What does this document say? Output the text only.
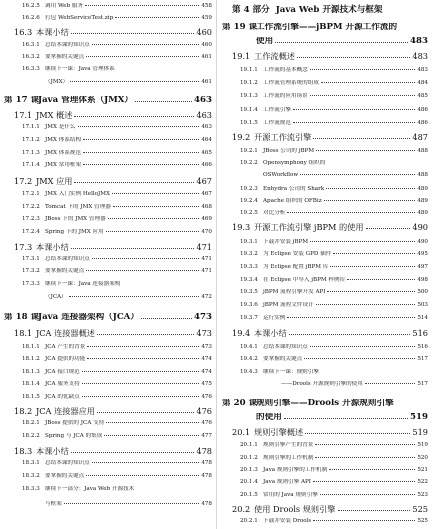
16.2.5 调用 Web 服务	458
16.2.6 打包 WebServiceTest.zip	459
16.3 本课小结	460
16.3.1 总结本课的知识点	460
16.3.2 要掌握的关键点	461
16.3.3 继续下一课：Java 管理体系
（JMX）	461
第 17 课
Java 管理体系（JMX）	463
17.1 JMX 概述	463
17.1.1 JMX 是什么	463
17.1.2 JMX 体系结构	464
17.1.3 JMX 体系规范	465
17.1.4 JMX 常用框架	466
17.2 JMX 应用	467
17.2.1 JMX 入门实例 HelloJMX	467
17.2.2 Tomcat 下的 JMX 管理器	468
17.2.3 JBoss 下的 JMX 管理器	469
17.2.4 Spring 下的 JMX 应用	470
17.3 本课小结	471
17.3.1 总结本课的知识点	471
17.3.2 要掌握的关键点	471
17.3.3 继续下一课：Java 连接器架构
（JCA）	472
第 18 课
Java 连接器架构（JCA）	473
18.1 JCA 连接器概述	473
18.1.1 JCA 产生的背景	473
18.1.2 JCA 提供的功能	474
18.1.3 JCA 接口规范	474
18.1.4 JCA 服务支持	475
18.1.5 JCA 的优缺点	476
18.2 JCA 连接器应用	476
18.2.1 JBoss 提供的 JCA 支持	476
18.2.2 Spring 与 JCA 的集成	477
18.3 本课小结	478
18.3.1 总结本课的知识点	478
18.3.2 要掌握的关键点	478
18.3.3 继续下一部分：Java Web 开源技术
与框架	478
第 4 部分 Java Web 开源技术与框架
第 19 课
工作流引擎——jBPM 开源工作流的
使用	483
19.1 工作流概述	483
19.1.1 工作流的基本概念	483
19.1.2 工作流管理系统的组成	484
19.1.3 工作流的应用场景	485
19.1.4 工作流引擎	486
19.1.5 工作流规范	486
19.2 开源工作流引擎	487
19.2.1 JBoss 公司的 jBPM	488
19.2.2 Opensymphony 组织的
OSWorkflow	488
19.2.3 Enhydra 公司的 Shark	489
19.2.4 Apache 组织的 OFBiz	489
19.2.5 对比分析	489
19.3 开源工作流引擎 jBPM 的使用	490
19.3.1 下载并安装 jBPM	490
19.3.2 为 Eclipse 安装 GPD 插件	495
19.3.3 为 Eclipse 配置 jBPM 库	497
19.3.4 在 Eclipse 中导入 jBPM 样例库	498
19.3.5 jBPM 流程引擎开发 API	500
19.3.6 jBPM 流程文件设计	503
19.3.7 运行实例	514
19.4 本课小结	516
19.4.1 总结本课的知识点	516
19.4.2 要掌握的关键点	517
19.4.3 继续下一课：规则引擎
——Drools 开源规则引擎的使用	517
第 20 课
规则引擎——Drools 开源规则引擎
的使用	519
20.1 规则引擎概述	519
20.1.1 规则引擎产生的背景	519
20.1.2 规则引擎的工作机制	520
20.1.3 Java 规则引擎的工作机制	521
20.1.4 Java 规则引擎 API	522
20.1.5 常用的 Java 规则引擎	523
20.2 使用 Drools 规则引擎	525
20.2.1 下载并安装 Drools	525
